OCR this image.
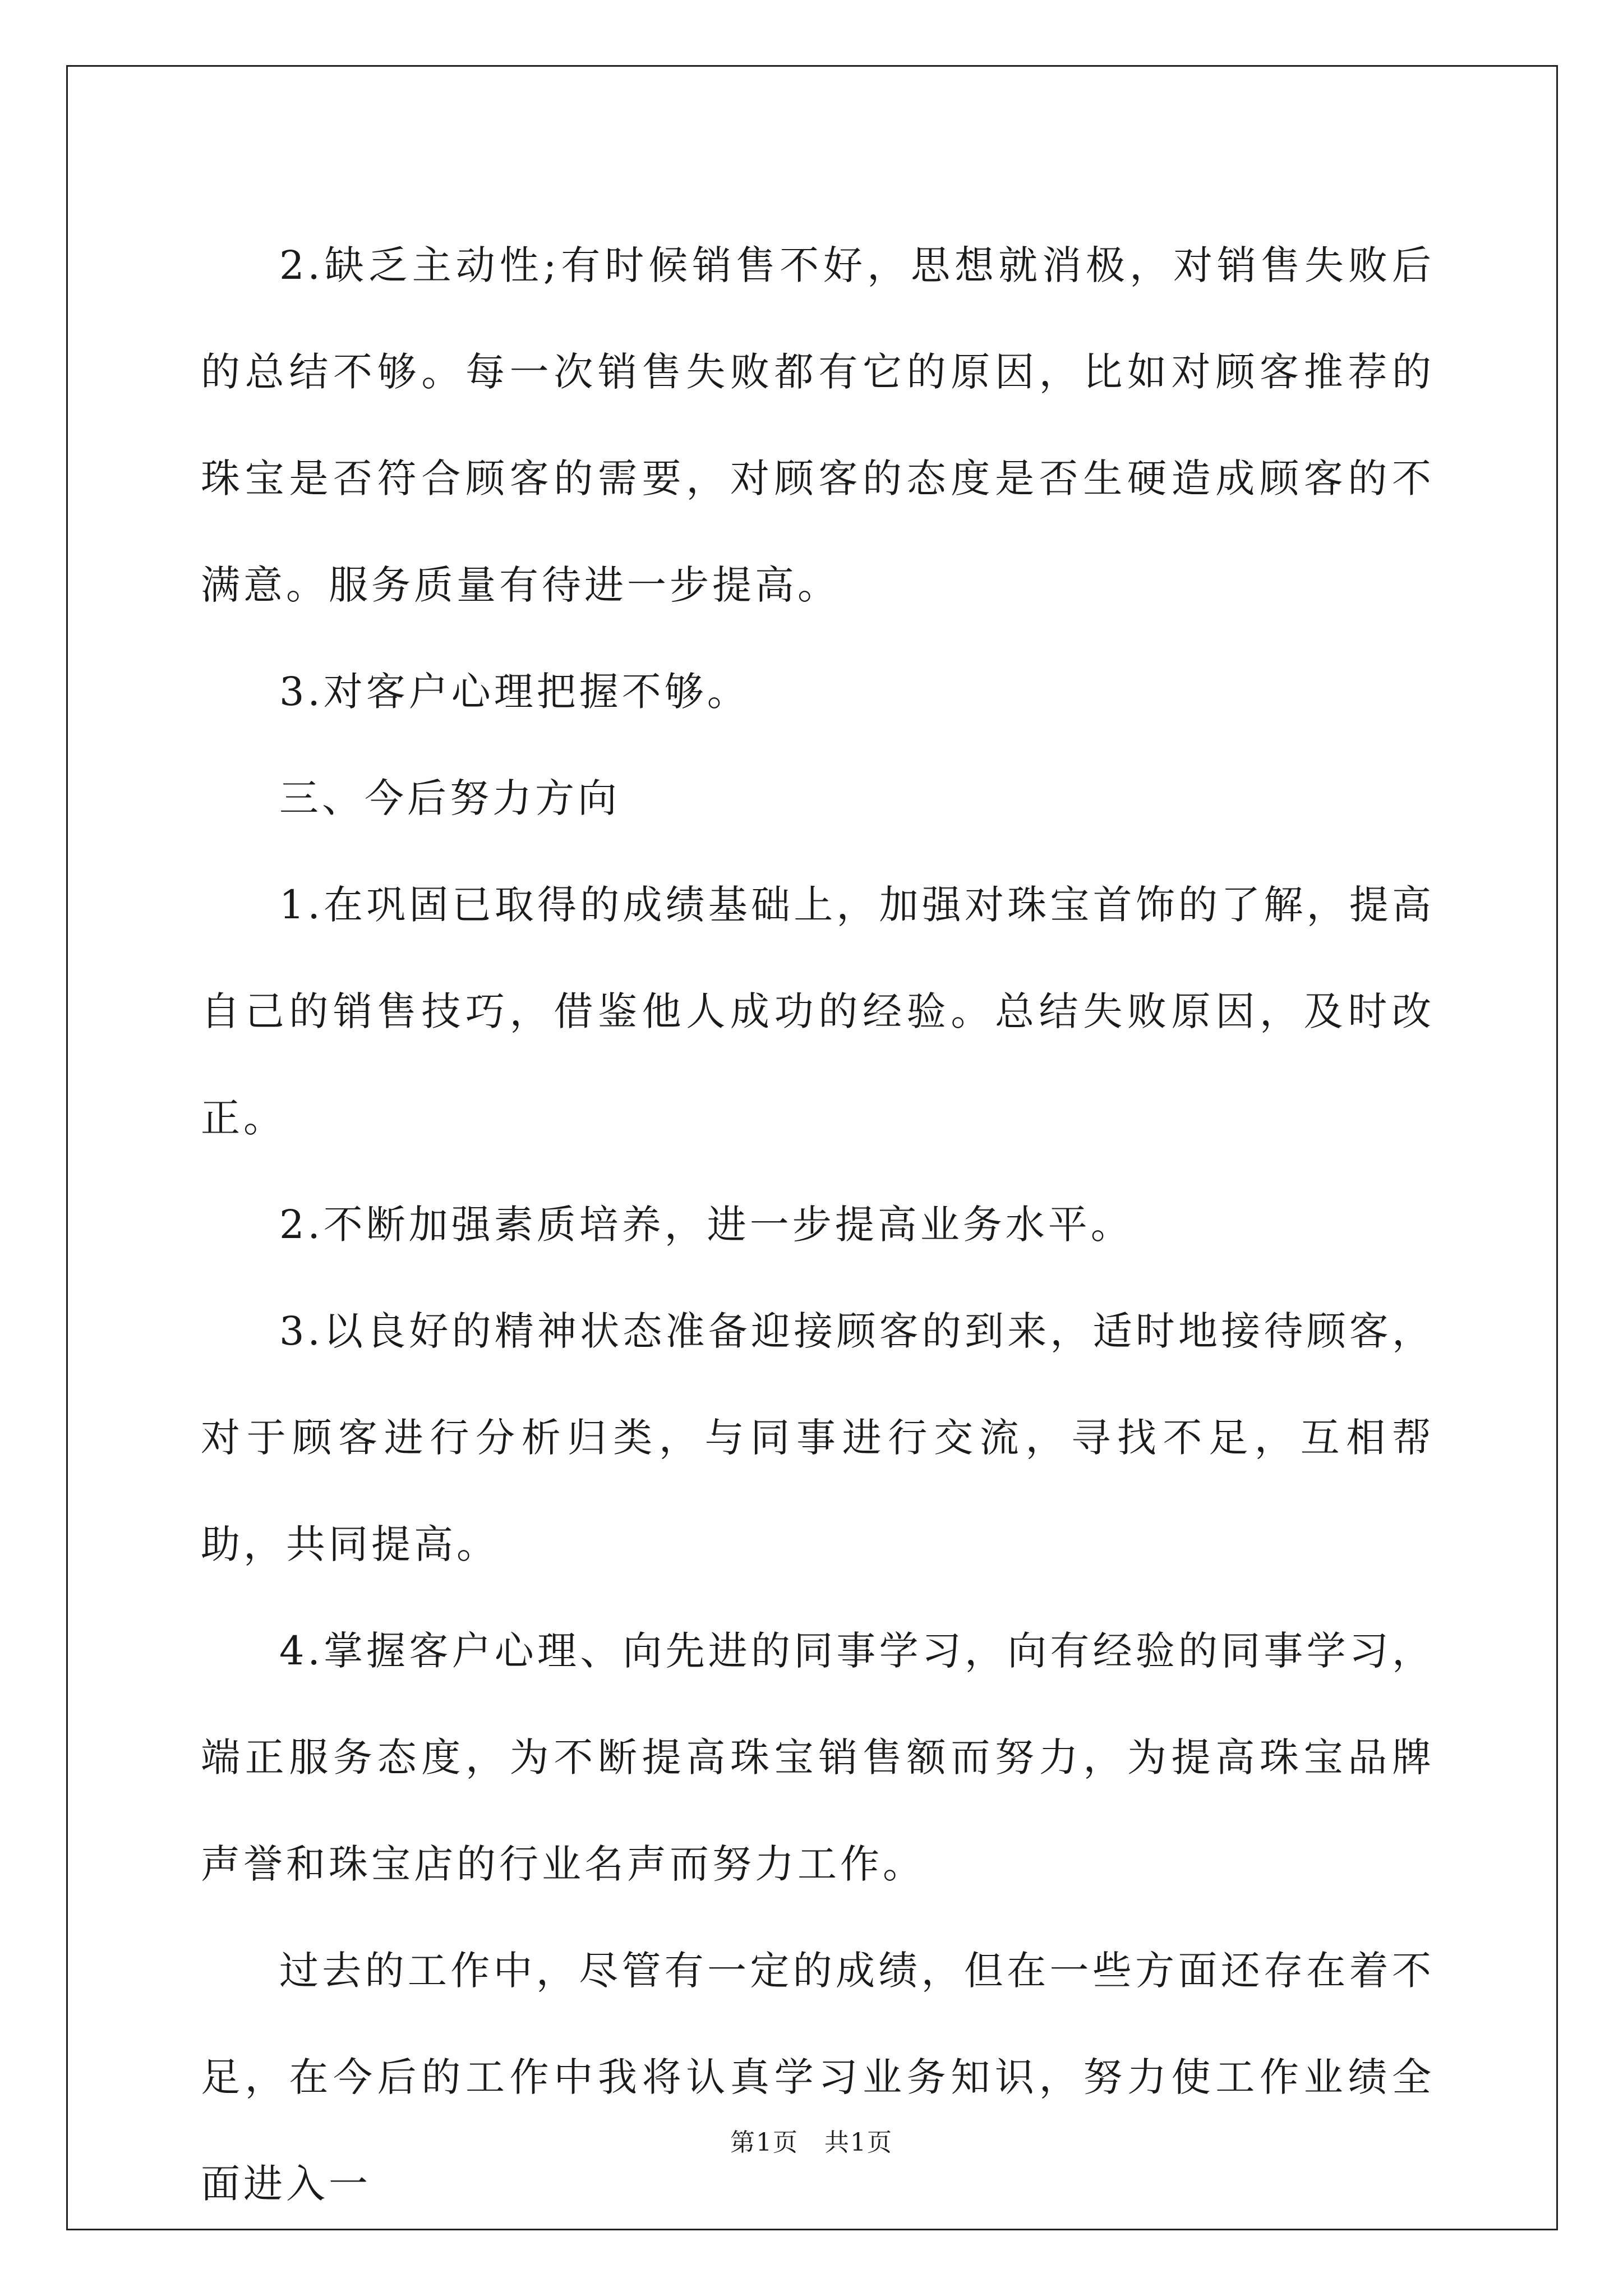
2.缺乏主动性;有时候销售不好，思想就消极，对销售失败后的总结不够。每一次销售失败都有它的原因，比如对顾客推荐的珠宝是否符合顾客的需要，对顾客的态度是否生硬造成顾客的不满意。服务质量有待进一步提高。

3.对客户心理把握不够。

三、今后努力方向

1.在巩固已取得的成绩基础上，加强对珠宝首饰的了解，提高自己的销售技巧，借鉴他人成功的经验。总结失败原因，及时改正。

2.不断加强素质培养，进一步提高业务水平。

3.以良好的精神状态准备迎接顾客的到来，适时地接待顾客，对于顾客进行分析归类，与同事进行交流，寻找不足，互相帮助，共同提高。

4.掌握客户心理、向先进的同事学习，向有经验的同事学习，端正服务态度，为不断提高珠宝销售额而努力，为提高珠宝品牌声誉和珠宝店的行业名声而努力工作。

过去的工作中，尽管有一定的成绩，但在一些方面还存在着不足，在今后的工作中我将认真学习业务知识，努力使工作业绩全面进入一

第1页　共1页
